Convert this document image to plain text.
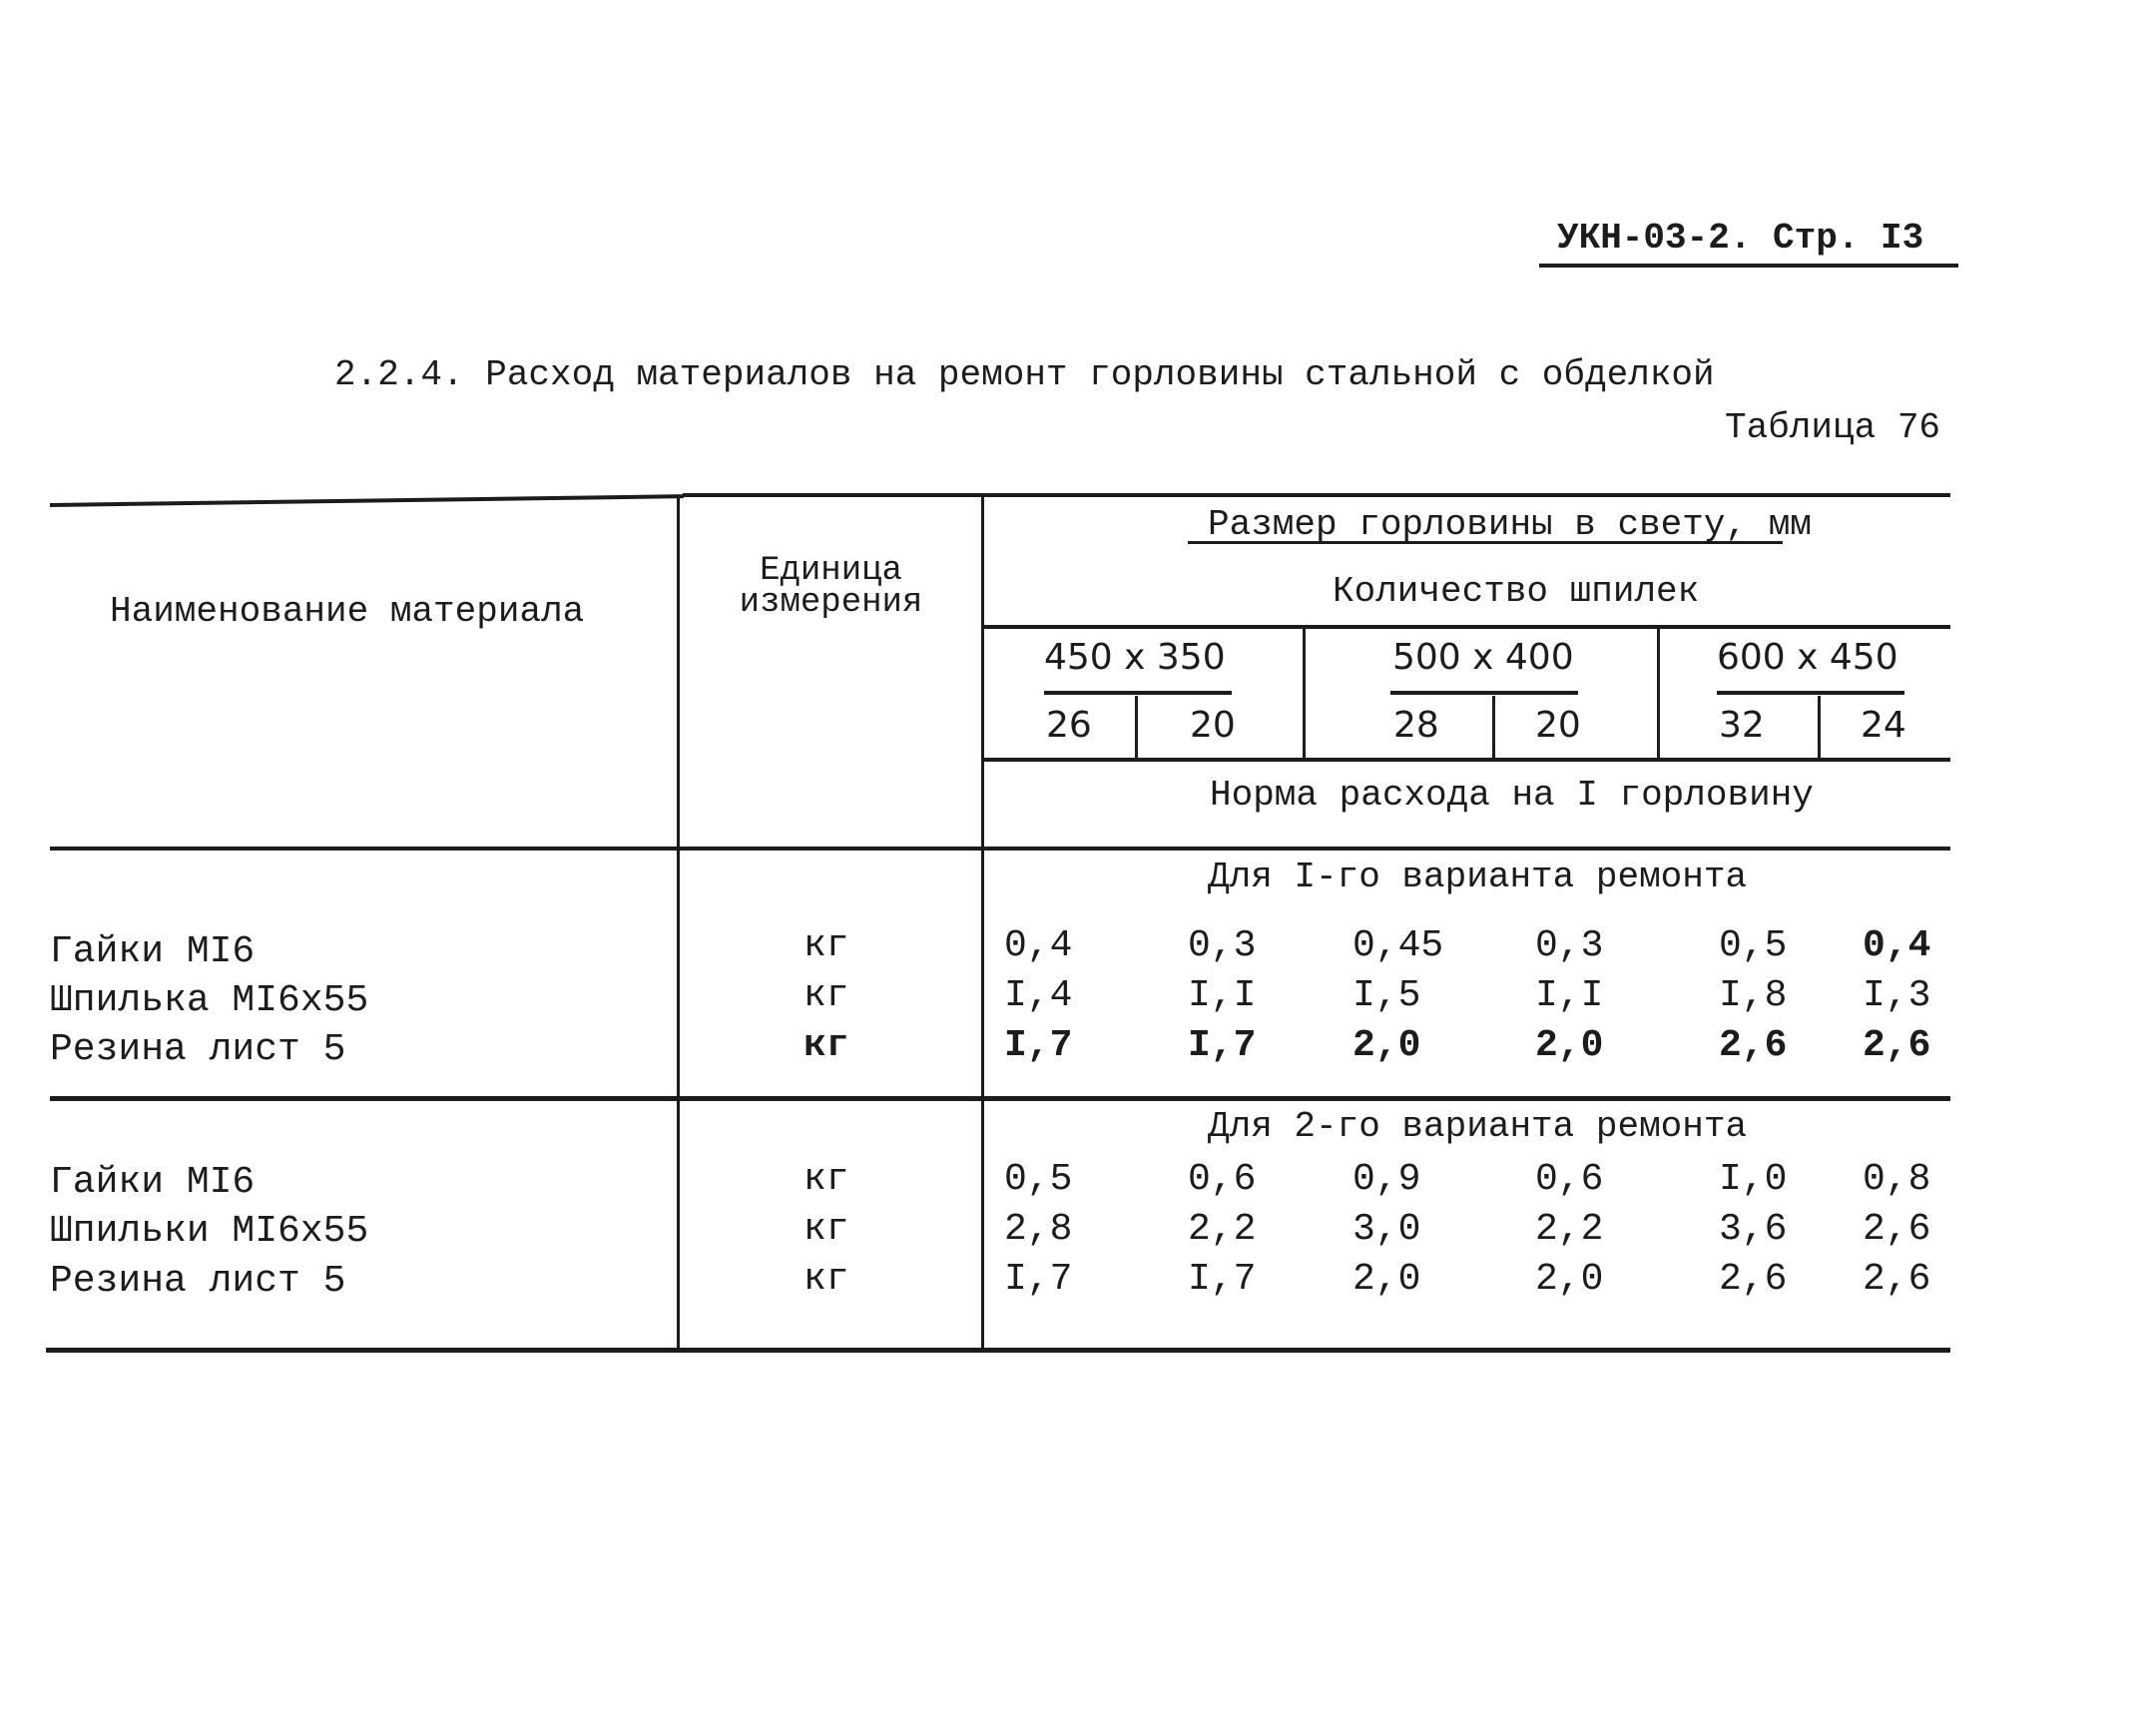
УКН-03-2. Стр. I3
2.2.4. Расход материалов на ремонт горловины стальной с обделкой
Таблица 76
Наименование материала
Единица
измерения
Размер горловины в свету, мм
Количество шпилек
450 х 350	500 х 400	600 х 450
26	20	28	20	32	24
Норма расхода на I горловину
Для I-го варианта ремонта
Гайки MI6	кг	0,4	0,3	0,45 0,3	0,5 0,4
Шпилька MI6х55	кг	I,4	I,I	I,5	I,I	I,8 I,3
Резина лист 5	кг	I,7	I,7	2,0	2,0	2,6 2,6
Для 2-го варианта ремонта
Гайки MI6	кг	0,5	0,6	0,9	0,6	I,0 0,8
Шпильки MI6х55	кг	2,8	2,2	3,0	2,2	3,6 2,6
Резина лист 5	кг	I,7	I,7	2,0	2,0	2,6 2,6
